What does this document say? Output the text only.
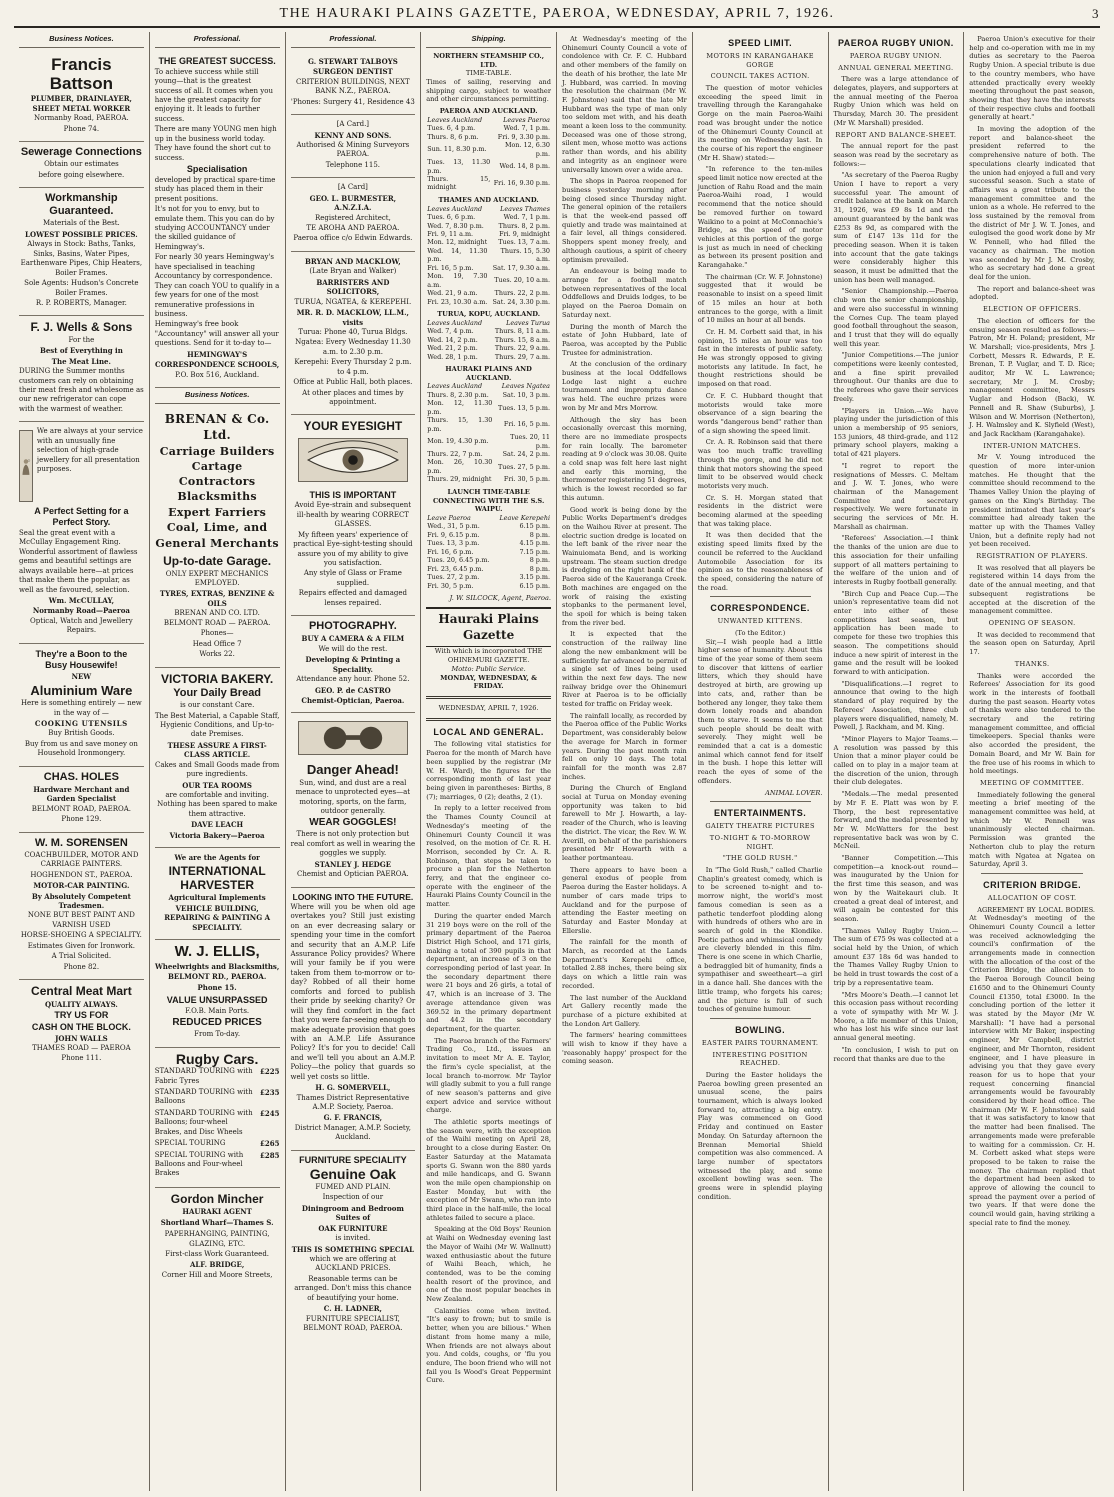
THE HAURAKI PLAINS GAZETTE, PAEROA, WEDNESDAY, APRIL 7, 1926.	3
Business Notices.
Francis Battson

PLUMBER, DRAINLAYER, SHEET METAL WORKER

Normanby Road, PAEROA.

Phone 74.

Sewerage Connections

Obtain our estimates

before going elsewhere.

Workmanship Guaranteed.

Materials of the Best.

LOWEST POSSIBLE PRICES.

Always in Stock: Baths, Tanks, Sinks, Basins, Water Pipes, Earthenware Pipes, Chip Heaters, Boiler Frames.

Sole Agents: Hudson's Concrete Boiler Frames.

R. P. ROBERTS, Manager.

F. J. Wells & Sons

For the

Best of Everything in

The Meat Line.

DURING the Summer months customers can rely on obtaining their meat fresh and wholesome as our new refrigerator can cope with the warmest of weather.

We are always at your service with an unusually fine selection of high-grade jewellery for all presentation purposes.

A Perfect Setting for a Perfect Story.

Seal the great event with a McCullay Engagement Ring. Wonderful assortment of flawless gems and beautiful settings are always available here—at prices that make them the popular, as well as the favoured, selection.

Wm. McCULLAY,

Normanby Road—Paeroa

Optical, Watch and Jewellery Repairs.

They're a Boon to the

Busy Housewife!

NEW

Aluminium Ware

Here is something entirely — new in the way of —

COOKING UTENSILS

Buy British Goods.

Buy from us and save money on Household Ironmongery.

CHAS. HOLES

Hardware Merchant and Garden Specialist

BELMONT ROAD, PAEROA.

Phone 129.

W. M. SORENSEN

COACHBUILDER, MOTOR AND CARRIAGE PAINTERS.

HOGHENDON ST., PAEROA.

MOTOR-CAR PAINTING.

By Absolutely Competent Tradesmen.

NONE BUT BEST PAINT AND VARNISH USED

HORSE-SHOEING A SPECIALITY.

Estimates Given for Ironwork.

A Trial Solicited.

Phone 82.

Central Meat Mart

QUALITY ALWAYS.

TRY US FOR

CASH ON THE BLOCK.

JOHN WALLS

THAMES ROAD — PAEROA

Phone 111.

Professional.
THE GREATEST SUCCESS.

To achieve success while still young—that is the greatest success of all. It comes when you have the greatest capacity for enjoying it. It leads to further success.

There are many YOUNG men high up in the business world today. They have found the short cut to success.

Specialisation

developed by practical spare-time study has placed them in their present positions.

It's not for you to envy, but to emulate them. This you can do by studying ACCOUNTANCY under the skilled guidance of Hemingway's.

For nearly 30 years Hemingway's have specialised in teaching Accountancy by correspondence. They can coach YOU to qualify in a few years for one of the most remunerative professions in business.

Hemingway's free book "Accountancy" will answer all your questions. Send for it to-day to—

HEMINGWAY'S

CORRESPONDENCE SCHOOLS,

P.O. Box 516, Auckland.

Business Notices.
BRENAN & Co. Ltd.

Carriage Builders

Cartage Contractors

Blacksmiths

Expert Farriers

Coal, Lime, and

General Merchants

Up-to-date Garage.

ONLY EXPERT MECHANICS EMPLOYED.

TYRES, EXTRAS, BENZINE & OILS

BRENAN AND CO. LTD. BELMONT ROAD — PAEROA.

Phones—

Head Office 7

Works 22.

VICTORIA BAKERY.

Your Daily Bread

is our constant Care.

The Best Material, a Capable Staff, Hygienic Conditions, and Up-to-date Premises.

THESE ASSURE A FIRST-CLASS ARTICLE.

Cakes and Small Goods made from pure ingredients.

OUR TEA ROOMS

are comfortable and inviting. Nothing has been spared to make them attractive.

DAVE LEACH

Victoria Bakery—Paeroa

We are the Agents for

INTERNATIONAL
HARVESTER

Agricultural Implements

VEHICLE BUILDING, REPAIRING & PAINTING A SPECIALITY.

W. J. ELLIS,

Wheelwrights and Blacksmiths,

BELMONT RD., PAEROA.

Phone 15.

VALUE UNSURPASSED

F.O.B. Main Ports.

REDUCED PRICES

From To-day.

Rugby Cars.
STANDARD TOURING with Fabric Tyres
£225
STANDARD TOURING with Balloons
£235
STANDARD TOURING with Balloons; four-wheel Brakes, and Disc Wheels
£245
SPECIAL TOURING	£265
SPECIAL TOURING with Balloons and Four-wheel Brakes
£285
Gordon Mincher

HAURAKI AGENT

Shortland Wharf—Thames S.

PAPERHANGING, PAINTING, GLAZING, ETC.

First-class Work Guaranteed.

ALF. BRIDGE,

Corner Hill and Moore Streets,

Professional.

G. STEWART TALBOYS

SURGEON DENTIST

CRITERION BUILDINGS, NEXT BANK N.Z., PAEROA.

'Phones: Surgery 41, Residence 43

[A Card.]

KENNY AND SONS.

Authorised & Mining Surveyors PAEROA.

Telephone 115.

[A Card]

GEO. L. BURMESTER, A.N.Z.I.A.

Registered Architect,

TE AROHA AND PAEROA.

Paeroa office c/o Edwin Edwards.

BRYAN AND MACKLOW,

(Late Bryan and Walker)

BARRISTERS AND SOLICITORS,

TURUA, NGATEA, & KEREPEHI.

MR. R. D. MACKLOW, LL.M., visits

Turua: Phone 40, Turua Bldgs.

Ngatea: Every Wednesday 11.30 a.m. to 2.30 p.m.

Kerepehi: Every Thursday 2 p.m. to 4 p.m.

Office at Public Hall, both places.

At other places and times by appointment.

YOUR EYESIGHT

THIS IS IMPORTANT

Avoid Eye-strain and subsequent ill-health by wearing CORRECT GLASSES.

My fifteen years' experience of practical Eye-sight-testing should assure you of my ability to give you satisfaction.

Any style of Glass or Frame supplied.

Repairs effected and damaged lenses repaired.

PHOTOGRAPHY.

BUY A CAMERA & A FILM

We will do the rest.

Developing & Printing a Speciality.

Attendance any hour. Phone 52.

GEO. P. de CASTRO

Chemist-Optician, Paeroa.

Danger Ahead!

Sun, wind, and dust are a real menace to unprotected eyes—at motoring, sports, on the farm, outdoor generally.

WEAR GOGGLES!

There is not only protection but real comfort as well in wearing the goggles we supply.

STANLEY J. HEDGE

Chemist and Optician PAEROA.

LOOKING INTO THE FUTURE.

Where will you be when old age overtakes you? Still just existing on an ever decreasing salary or spending your time in the comfort and security that an A.M.P. Life Assurance Policy provides? Where will your family be if you were taken from them to-morrow or to-day? Robbed of all their home comforts and forced to publish their pride by seeking charity? Or will they find comfort in the fact that you were far-seeing enough to make adequate provision that goes with an A.M.P. Life Assurance Policy? It's for you to decide! Call and we'll tell you about an A.M.P. Policy—the policy that guards so well yet costs so little.

H. G. SOMERVELL,

Thames District Representative A.M.P. Society, Paeroa.

G. F. FRANCIS,

District Manager, A.M.P. Society, Auckland.

FURNITURE SPECIALITY

Genuine Oak

FUMED AND PLAIN.

Inspection of our

Diningroom and Bedroom Suites of

OAK FURNITURE

is invited.

THIS IS SOMETHING SPECIAL

which we are offering at AUCKLAND PRICES.

Reasonable terms can be arranged. Don't miss this chance of beautifying your home.

C. H. LADNER,

FURNITURE SPECIALIST, BELMONT ROAD, PAEROA.

Shipping.
NORTHERN STEAMSHIP CO., LTD.
TIME-TABLE.
Times of sailing, reserving and shipping cargo, subject to weather and other circumstances permitting.
PAEROA AND AUCKLAND.
Leaves Auckland	Leaves Paeroa
Tues. 6, 4 p.m.	Wed. 7, 1 p.m.
Thurs. 8, 6 p.m.	Fri. 9, 3.30 p.m.
Sun. 11, 8.30 p.m.	Mon. 12, 6.30 p.m.
Tues. 13, 11.30 p.m.	Wed. 14, 8 p.m.
Thurs. 15, midnight	Fri. 16, 9.30 p.m.
THAMES AND AUCKLAND.
Leaves Auckland	Leaves Thames
Tues. 6, 6 p.m.	Wed. 7, 1 p.m.
Wed. 7, 8.30 p.m.	Thurs. 8, 2 p.m.
Fri. 9, 11 a.m.	Fri. 9, midnight
Mon. 12, midnight	Tues. 13, 7 a.m.
Wed. 14, 11.30 p.m.	Thurs. 15, 5.30 a.m.
Fri. 16, 5 p.m.	Sat. 17, 9.30 a.m.
Mon. 19, 7.30 a.m.	Tues. 20, 10 a.m.
Wed. 21, 9 a.m.	Thurs. 22, 2 p.m.
Fri. 23, 10.30 a.m.	Sat. 24, 3.30 p.m.
TURUA, KOPU, AUCKLAND.
Leaves Auckland	Leaves Turua
Wed. 7, 4 p.m.	Thurs. 8, 11 a.m.
Wed. 14, 2 p.m.	Thurs. 15, 8 a.m.
Wed. 21, 2 p.m.	Thurs. 22, 9 a.m.
Wed. 28, 1 p.m.	Thurs. 29, 7 a.m.
HAURAKI PLAINS AND AUCKLAND.
Leaves Auckland	Leaves Ngatea
Thurs. 8, 2.30 p.m.	Sat. 10, 3 p.m.
Mon. 12, 11.30 p.m.	Tues. 13, 5 p.m.
Thurs. 15, 1.30 p.m.	Fri. 16, 5 p.m.
Mon. 19, 4.30 p.m.	Tues. 20, 11 p.m.
Thurs. 22, 7 p.m.	Sat. 24, 2 p.m.
Mon. 26, 10.30 p.m.	Tues. 27, 5 p.m.
Thurs. 29, midnight	Fri. 30, 5 p.m.
LAUNCH TIME-TABLE CONNECTING WITH THE S.S. WAIPU.
Leave Paeroa	Leave Kerepehi
Wed., 31, 5 p.m.	6.15 p.m.
Fri. 9, 6.15 p.m.	8 p.m.
Tues. 13, 3 p.m.	4.15 p.m.
Fri. 16, 6 p.m.	7.15 p.m.
Tues. 20, 6.45 p.m.	8 p.m.
Fri. 23, 6.45 p.m.	8 p.m.
Tues. 27, 2 p.m.	3.15 p.m.
Fri. 30, 5 p.m.	6.15 p.m.
J. W. SILCOCK, Agent, Paeroa.
Hauraki Plains Gazette
With which is incorporated THE OHINEMURI GAZETTE.
Motto: Public Service.
MONDAY, WEDNESDAY, & FRIDAY.
WEDNESDAY, APRIL 7, 1926.
LOCAL AND GENERAL.
The following vital statistics for Paeroa for the month of March have been supplied by the registrar (Mr W. H. Ward), the figures for the corresponding month of last year being given in parentheses: Births, 8 (7); marriages, 0 (2); deaths, 2 (1).
In reply to a letter received from the Thames County Council at Wednesday's meeting of the Ohinemuri County Council it was resolved, on the motion of Cr. R. H. Morrison, seconded by Cr. A. R. Robinson, that steps be taken to procure a plan for the Netherton ferry, and that the engineer co-operate with the engineer of the Hauraki Plains County Council in the matter.
During the quarter ended March 31 219 boys were on the roll of the primary department of the Paeroa District High School, and 171 girls, making a total of 390 pupils in that department, an increase of 3 on the corresponding period of last year. In the secondary department there were 21 boys and 26 girls, a total of 47, which is an increase of 3. The average attendance given was 369.52 in the primary department and 44.2 in the secondary department, for the quarter.
The Paeroa branch of the Farmers' Trading Co., Ltd., issues an invitation to meet Mr A. E. Taylor, the firm's cycle specialist, at the local branch to-morrow. Mr Taylor will gladly submit to you a full range of new season's patterns and give expert advice and service without charge.
The athletic sports meetings of the season were, with the exception of the Waihi meeting on April 28, brought to a close during Easter. On Easter Saturday at the Matamata sports G. Swann won the 880 yards and mile handicaps, and G. Swann won the mile open championship on Easter Monday, but with the exception of Mr Swann, who ran into third place in the half-mile, the local athletes failed to secure a place.
Speaking at the Old Boys' Reunion at Waihi on Wednesday evening last the Mayor of Waihi (Mr W. Wallnutt) waxed enthusiastic about the future of Waihi Beach, which, he contended, was to be the coming health resort of the province, and one of the most popular beaches in New Zealand.
Calamities come when invited. "It's easy to frown; but to smile is better, when you are bilious." When distant from home many a mile, When friends are not always about you. And colds, coughs, or 'flu you endure, The boon friend who will not fail you Is Wood's Great Peppermint Cure.
At Wednesday's meeting of the Ohinemuri County Council a vote of condolence with Cr. F. C. Hubbard and other members of the family on the death of his brother, the late Mr J. Hubbard, was carried. In moving the resolution the chairman (Mr W. F. Johnstone) said that the late Mr Hubbard was the type of man only too seldom met with, and his death meant a keen loss to the community. Deceased was one of those strong, silent men, whose motto was actions rather than words, and his ability and integrity as an engineer were universally known over a wide area.
The shops in Paeroa reopened for business yesterday morning after being closed since Thursday night. The general opinion of the retailers is that the week-end passed off quietly and trade was maintained at a fair level, all things considered. Shoppers spent money freely, and although cautious, a spirit of cheery optimism prevailed.
An endeavour is being made to arrange for a football match between representatives of the local Oddfellows and Druids lodges, to be played on the Paeroa Domain on Saturday next.
During the month of March the estate of John Hubbard, late of Paeroa, was accepted by the Public Trustee for administration.
At the conclusion of the ordinary business at the local Oddfellows Lodge last night a euchre tournament and impromptu dance was held. The euchre prizes were won by Mr and Mrs Morrow.
Although the sky has been occasionally overcast this morning, there are no immediate prospects for rain locally. The barometer reading at 9 o'clock was 30.08. Quite a cold snap was felt here last night and early this morning, the thermometer registering 51 degrees, which is the lowest recorded so far this autumn.
Good work is being done by the Public Works Department's dredges on the Waihou River at present. The electric suction dredge is located on the left bank of the river near the Wainuiomata Bend, and is working upstream. The steam suction dredge is dredging on the right bank of the Paeroa side of the Kaueranga Creek. Both machines are engaged on the work of raising the existing stopbanks to the permanent level, the spoil for which is being taken from the river bed.
It is expected that the construction of the railway line along the new embankment will be sufficiently far advanced to permit of a single set of lines being used within the next few days. The new railway bridge over the Ohinemuri River at Paeroa is to be officially tested for traffic on Friday week.
The rainfall locally, as recorded by the Paeroa office of the Public Works Department, was considerably below the average for March in former years. During the past month rain fell on only 10 days. The total rainfall for the month was 2.87 inches.
During the Church of England social at Turua on Monday evening opportunity was taken to bid farewell to Mr J. Howarth, a lay-reader of the Church, who is leaving the district. The vicar, the Rev. W. W. Averill, on behalf of the parishioners presented Mr Howarth with a leather portmanteau.
There appears to have been a general exodus of people from Paeroa during the Easter holidays. A number of cars made trips to Auckland and for the purpose of attending the Easter meeting on Saturday and Easter Monday at Ellerslie.
The rainfall for the month of March, as recorded at the Lands Department's Kerepehi office, totalled 2.88 inches, there being six days on which a little rain was recorded.
The last number of the Auckland Art Gallery recently made the purchase of a picture exhibited at the London Art Gallery.
The farmers' hearing committees will wish to know if they have a 'reasonably happy' prospect for the coming season.
SPEED LIMIT.
MOTORS IN KARANGAHAKE GORGE
COUNCIL TAKES ACTION.
The question of motor vehicles exceeding the speed limit in travelling through the Karangahake Gorge on the main Paeroa-Waihi road was brought under the notice of the Ohinemuri County Council at its meeting on Wednesday last. In the course of his report the engineer (Mr H. Shaw) stated:—
"In reference to the ten-miles speed limit notice now erected at the junction of Rahu Road and the main Paeroa-Waihi road, I would recommend that the notice should be removed further on toward Waikino to a point at McConnachie's Bridge, as the speed of motor vehicles at this portion of the gorge is just as much in need of checking as between its present position and Karangahake."
The chairman (Cr. W. F. Johnstone) suggested that it would be reasonable to insist on a speed limit of 15 miles an hour at both entrances to the gorge, with a limit of 10 miles an hour at all bends.
Cr. H. M. Corbett said that, in his opinion, 15 miles an hour was too fast in the interests of public safety. He was strongly opposed to giving motorists any latitude. In fact, he thought restrictions should be imposed on that road.
Cr. F. C. Hubbard thought that motorists would take more observance of a sign bearing the words "dangerous bend" rather than of a sign showing the speed limit.
Cr. A. R. Robinson said that there was too much traffic travelling through the gorge, and he did not think that motors showing the speed limit to be observed would check motorists very much.
Cr. S. H. Morgan stated that residents in the district were becoming alarmed at the speeding that was taking place.
It was then decided that the existing speed limits fixed by the council be referred to the Auckland Automobile Association for its opinion as to the reasonableness of the speed, considering the nature of the road.
CORRESPONDENCE.
UNWANTED KITTENS.
(To the Editor.)
Sir,—I wish people had a little higher sense of humanity. About this time of the year some of them seem to discover that kittens of earlier litters, which they should have destroyed at birth, are growing up into cats, and, rather than be bothered any longer, they take them down lonely roads and abandon them to starve. It seems to me that such people should be dealt with severely. They might well be reminded that a cat is a domestic animal which cannot fend for itself in the bush. I hope this letter will reach the eyes of some of the offenders.
ANIMAL LOVER.
ENTERTAINMENTS.
GAIETY THEATRE PICTURES
TO-NIGHT & TO-MORROW NIGHT.
"THE GOLD RUSH."
In "The Gold Rush," called Charlie Chaplin's greatest comedy, which is to be screened to-night and to-morrow night, the world's most famous comedian is seen as a pathetic tenderfoot plodding along with hundreds of others who are in search of gold in the Klondike. Poetic pathos and whimsical comedy are cleverly blended in this film. There is one scene in which Charlie, a bedraggled bit of humanity, finds a sympathiser and sweetheart—a girl in a dance hall. She dances with the little tramp, who forgets his cares; and the picture is full of such touches of genuine humour.
BOWLING.
EASTER PAIRS TOURNAMENT.
INTERESTING POSITION REACHED.
During the Easter holidays the Paeroa bowling green presented an unusual scene, the pairs tournament, which is always looked forward to, attracting a big entry. Play was commenced on Good Friday and continued on Easter Monday. On Saturday afternoon the Brennan Memorial Shield competition was also commenced. A large number of spectators witnessed the play, and some excellent bowling was seen. The greens were in splendid playing condition.
PAEROA RUGBY UNION.
PAEROA RUGBY UNION.
ANNUAL GENERAL MEETING.
There was a large attendance of delegates, players, and supporters at the annual meeting of the Paeroa Rugby Union which was held on Thursday, March 30. The president (Mr W. Marshall) presided.
REPORT AND BALANCE-SHEET.
The annual report for the past season was read by the secretary as follows:—
"As secretary of the Paeroa Rugby Union I have to report a very successful year. The amount of credit balance at the bank on March 31, 1926, was £9 8s 1d and the amount guaranteed by the bank was £253 8s 9d, as compared with the sum of £147 13s 11d for the preceding season. When it is taken into account that the gate takings were considerably higher this season, it must be admitted that the union has been well managed.
"Senior Championship.—Paeroa club won the senior championship, and were also successful in winning the Cornes Cup. The team played good football throughout the season, and I trust that they will do equally well this year.
"Junior Competitions.—The junior competitions were keenly contested, and a fine spirit prevailed throughout. Our thanks are due to the referees who gave their services freely.
"Players in Union.—We have playing under the jurisdiction of this union a membership of 95 seniors, 153 juniors, 48 third-grade, and 112 primary school players, making a total of 421 players.
"I regret to report the resignations of Messrs. C. Meltam and J. W. T. Jones, who were chairman of the Management Committee and secretary respectively. We were fortunate in securing the services of Mr. H. Marshall as chairman.
"Referees' Association.—I think the thanks of the union are due to this association for their unfailing support of all matters pertaining to the welfare of the union and of interests in Rugby football generally.
"Birch Cup and Peace Cup.—The union's representative team did not enter into either of these competitions last season, but application has been made to compete for these two trophies this season. The competitions should induce a new spirit of interest in the game and the result will be looked forward to with anticipation.
"Disqualifications.—I regret to announce that owing to the high standard of play required by the Referees' Association, three club players were disqualified, namely, M. Powell, J. Rackham, and M. King.
"Minor Players to Major Teams.—A resolution was passed by this Union that a minor player could be called on to play in a major team at the discretion of the union, through their club delegates.
"Medals.—The medal presented by Mr F. E. Platt was won by F. Thorp, the best representative forward, and the medal presented by Mr W. McWatters for the best representative back was won by C. McNeil.
"Banner Competition.—This competition—a knock-out round—was inaugurated by the Union for the first time this season, and was won by the Waitekauri club. It created a great deal of interest, and will again be contested for this season.
"Thames Valley Rugby Union.—The sum of £75 9s was collected at a social held by the Union, of which amount £37 18s 6d was handed to the Thames Valley Rugby Union to be held in trust towards the cost of a trip by a representative team.
"Mrs Moore's Death.—I cannot let this occasion pass without recording a vote of sympathy with Mr W. J. Moore, a life member of this Union, who has lost his wife since our last annual general meeting.
"In conclusion, I wish to put on record that thanks are due to the
Paeroa Union's executive for their help and co-operation with me in my duties as secretary to the Paeroa Rugby Union. A special tribute is due to the country members, who have attended practically every weekly meeting throughout the past season, showing that they have the interests of their respective clubs and football generally at heart."
In moving the adoption of the report and balance-sheet the president referred to the comprehensive nature of both. The speculations clearly indicated that the union had enjoyed a full and very successful season. Such a state of affairs was a great tribute to the management committee and the union as a whole. He referred to the loss sustained by the removal from the district of Mr J. W. T. Jones, and eulogised the good work done by Mr W. Pennell, who had filled the vacancy as chairman. The motion was seconded by Mr J. M. Crosby, who as secretary had done a great deal for the union.
The report and balance-sheet was adopted.
ELECTION OF OFFICERS.
The election of officers for the ensuing season resulted as follows:— Patron, Mr H. Poland; president, Mr W. Marshall; vice-presidents, Mrs J. Corbett, Messrs R. Edwards, P. E. Brenan, T. P. Vuglar, and T. D. Rice; auditor, Mr W. L. Lawrence; secretary, Mr J. M. Crosby; management committee, Messrs Vuglar and Hodson (Back), W. Pennell and R. Shaw (Suburbs), J. Wilson and W. Morrison (Netherton), J. H. Walmsley and K. Slyfield (West), and Jack Rackham (Karangahake).
INTER-UNION MATCHES.
Mr V. Young introduced the question of more inter-union matches. He thought that the committee should recommend to the Thames Valley Union the playing of games on the King's Birthday. The president intimated that last year's committee had already taken the matter up with the Thames Valley Union, but a definite reply had not yet been received.
REGISTRATION OF PLAYERS.
It was resolved that all players be registered within 14 days from the date of the annual meeting, and that subsequent registrations be accepted at the discretion of the management committee.
OPENING OF SEASON.
It was decided to recommend that the season open on Saturday, April 17.
THANKS.
Thanks were accorded the Referees' Association for its good work in the interests of football during the past season. Hearty votes of thanks were also tendered to the secretary and the retiring management committee, and official timekeepers. Special thanks were also accorded the president, the Domain Board, and Mr W. Bain for the free use of his rooms in which to hold meetings.
MEETING OF COMMITTEE.
Immediately following the general meeting a brief meeting of the management committee was held, at which Mr W. Pennell was unanimously elected chairman. Permission was granted the Netherton club to play the return match with Ngatea at Ngatea on Saturday, April 3.
CRITERION BRIDGE.
ALLOCATION OF COST.
AGREEMENT BY LOCAL BODIES. At Wednesday's meeting of the Ohinemuri County Council a letter was received acknowledging the council's confirmation of the arrangements made in connection with the allocation of the cost of the Criterion Bridge, the allocation to the Paeroa Borough Council being £1650 and to the Ohinemuri County Council £1350, total £3000. In the concluding portion of the letter it was stated by the Mayor (Mr W. Marshall): "I have had a personal interview with Mr Baker, inspecting engineer, Mr Campbell, district engineer, and Mr Thornton, resident engineer, and I have pleasure in advising you that they gave every reason for us to hope that your request concerning financial arrangements would be favourably considered by their head office. The chairman (Mr W. F. Johnstone) said that it was satisfactory to know that the matter had been finalised. The arrangements made were preferable to waiting for a commission. Cr. H. M. Corbett asked what steps were proposed to be taken to raise the money. The chairman replied that the department had been asked to approve of allowing the council to spread the payment over a period of two years. If that were done the council would gain, having striking a special rate to find the money.
